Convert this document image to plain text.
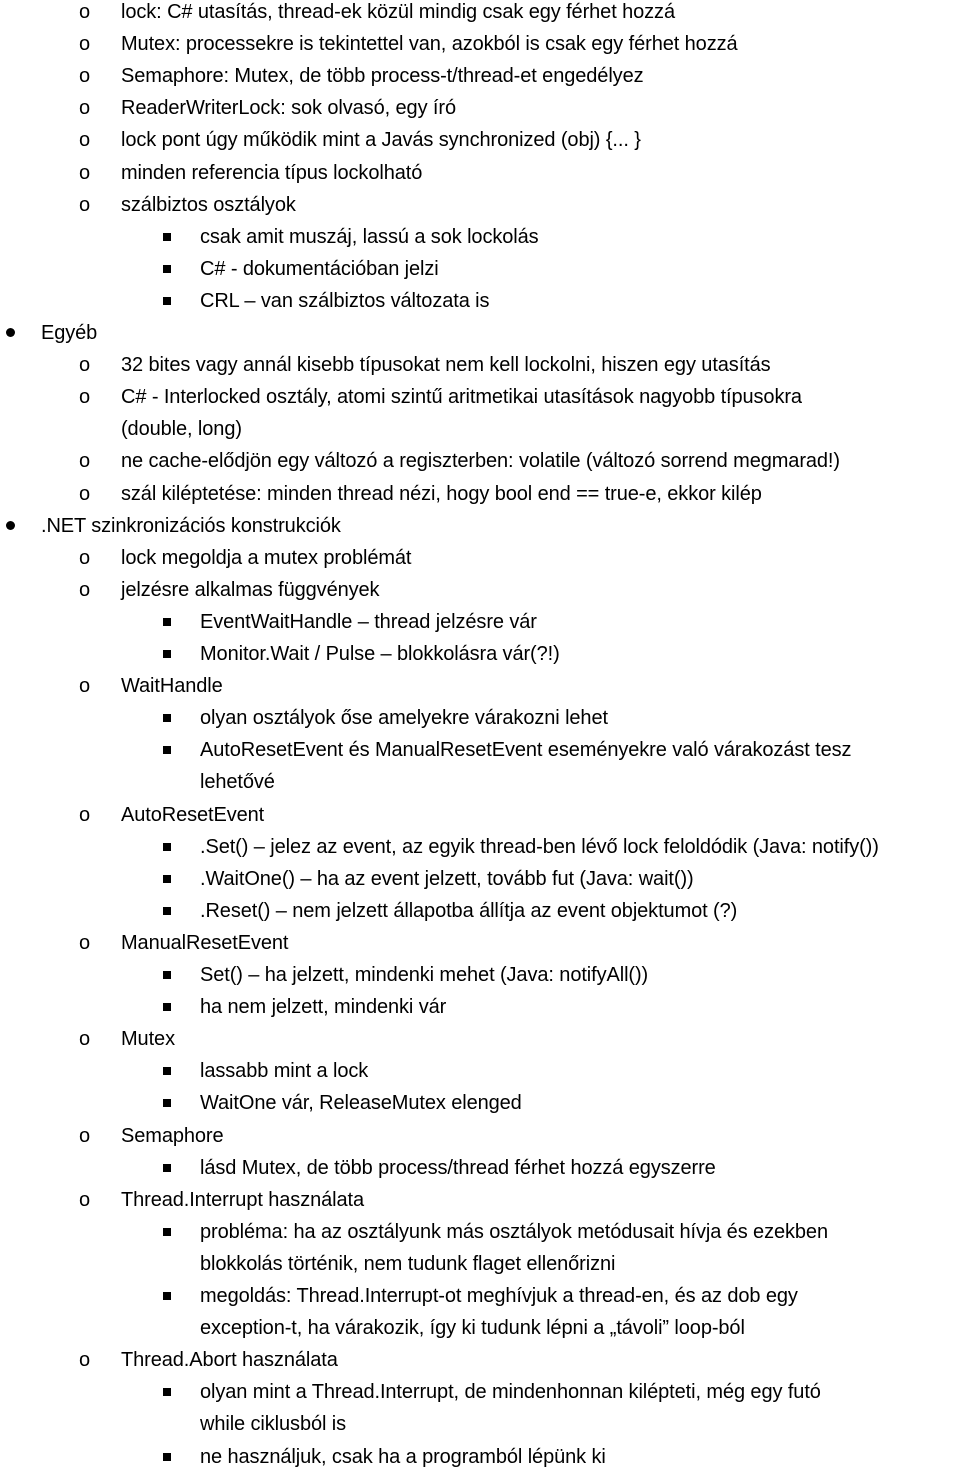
o lock: C# utasítás, thread-ek közül mindig csak egy férhet hozzá
o Mutex: processekre is tekintettel van, azokból is csak egy férhet hozzá
o Semaphore: Mutex, de több process-t/thread-et engedélyez
o ReaderWriterLock: sok olvasó, egy író
o lock pont úgy működik mint a Javás synchronized (obj) {... }
o minden referencia típus lockolható
o szálbiztos osztályok
csak amit muszáj, lassú a sok lockolás
C# - dokumentációban jelzi
CRL – van szálbiztos változata is
Egyéb
o 32 bites vagy annál kisebb típusokat nem kell lockolni, hiszen egy utasítás
o C# - Interlocked osztály, atomi szintű aritmetikai utasítások nagyobb típusokra
(double, long)
o ne cache-elődjön egy változó a regiszterben: volatile (változó sorrend megmarad!)
o szál kiléptetése: minden thread nézi, hogy bool end == true-e, ekkor kilép
.NET szinkronizációs konstrukciók
o lock megoldja a mutex problémát
o jelzésre alkalmas függvények
EventWaitHandle – thread jelzésre vár
Monitor.Wait / Pulse – blokkolásra vár(?!)
o WaitHandle
olyan osztályok őse amelyekre várakozni lehet
AutoResetEvent és ManualResetEvent eseményekre való várakozást tesz
lehetővé
o AutoResetEvent
.Set() – jelez az event, az egyik thread-ben lévő lock feloldódik (Java: notify())
.WaitOne() – ha az event jelzett, tovább fut (Java: wait())
.Reset() – nem jelzett állapotba állítja az event objektumot (?)
o ManualResetEvent
Set() – ha jelzett, mindenki mehet (Java: notifyAll())
ha nem jelzett, mindenki vár
o Mutex
lassabb mint a lock
WaitOne vár, ReleaseMutex elenged
o Semaphore
lásd Mutex, de több process/thread férhet hozzá egyszerre
o Thread.Interrupt használata
probléma: ha az osztályunk más osztályok metódusait hívja és ezekben
blokkolás történik, nem tudunk flaget ellenőrizni
megoldás: Thread.Interrupt-ot meghívjuk a thread-en, és az dob egy
exception-t, ha várakozik, így ki tudunk lépni a „távoli” loop-ból
o Thread.Abort használata
olyan mint a Thread.Interrupt, de mindenhonnan kilépteti, még egy futó
while ciklusból is
ne használjuk, csak ha a programból lépünk ki
